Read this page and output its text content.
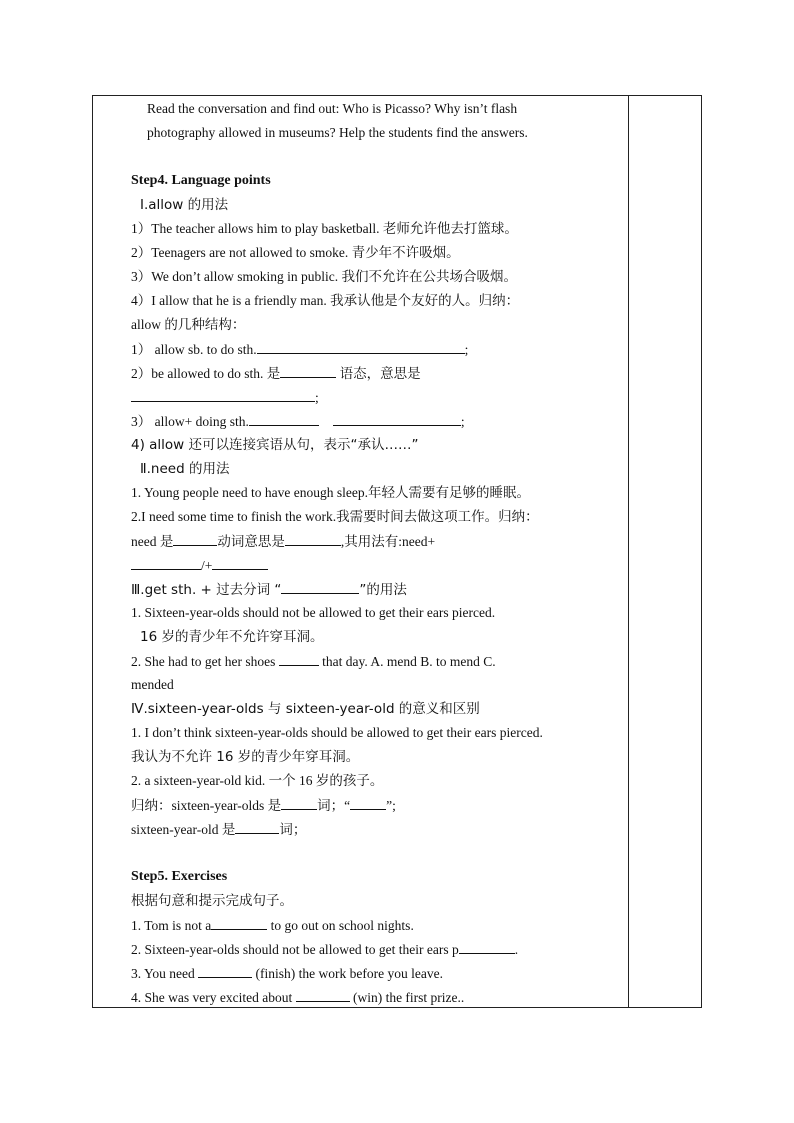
Read the conversation and find out: Who is Picasso? Why isn’t flash
photography allowed in museums? Help the students find the answers.
Step4. Language points
Ⅰ.allow 的用法
1）The teacher allows him to play basketball. 老师允许他去打篮球。
2）Teenagers are not allowed to smoke. 青少年不许吸烟。
3）We don’t allow smoking in public. 我们不允许在公共场合吸烟。
4）I allow that he is a friendly man. 我承认他是个友好的人。归纳：
allow 的几种结构：
1） allow sb. to do sth.	;
2）be allowed to do sth. 是	语态，意思是
;
3） allow+ doing sth.	;
4) allow 还可以连接宾语从句，表示“承认……”
Ⅱ.need 的用法
1. Young people need to have enough sleep.年轻人需要有足够的睡眠。
2.I need some time to finish the work.我需要时间去做这项工作。归纳：
need 是	动词意思是	,其用法有:need+
/+
Ⅲ.get sth. + 过去分词 “	”的用法
1. Sixteen-year-olds should not be allowed to get their ears pierced.
16 岁的青少年不允许穿耳洞。
2. She had to get her shoes	that day. A. mend B. to mend C.
mended
Ⅳ.sixteen-year-olds 与 sixteen-year-old 的意义和区别
1. I don’t think sixteen-year-olds should be allowed to get their ears pierced.
我认为不允许 16 岁的青少年穿耳洞。
2. a sixteen-year-old kid. 一个 16 岁的孩子。
归纳：sixteen-year-olds 是	词；“	”;
sixteen-year-old 是	词；
Step5. Exercises
根据句意和提示完成句子。
1. Tom is not a	to go out on school nights.
2. Sixteen-year-olds should not be allowed to get their ears p	.
3. You need	(finish) the work before you leave.
4. She was very excited about	(win) the first prize..
